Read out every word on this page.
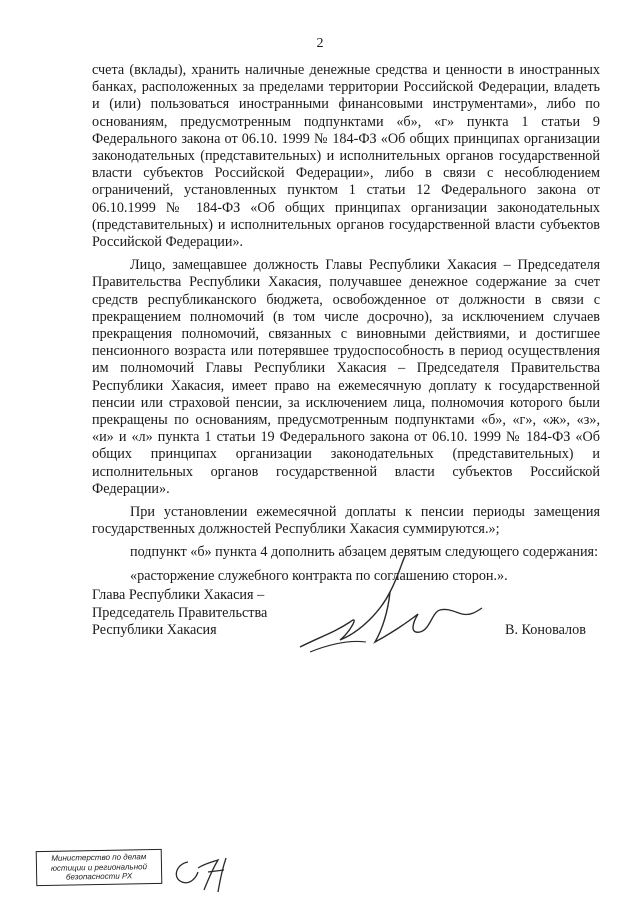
2

счета (вклады), хранить наличные денежные средства и ценности в иностранных банках, расположенных за пределами территории Российской Федерации, владеть и (или) пользоваться иностранными финансовыми инструментами», либо по основаниям, предусмотренным подпунктами «б», «г» пункта 1 статьи 9 Федерального закона от 06.10. 1999 № 184-ФЗ «Об общих принципах организации законодательных (представительных) и исполнительных органов государственной власти субъектов Российской Федерации», либо в связи с несоблюдением ограничений, установленных пунктом 1 статьи 12 Федерального закона от 06.10.1999 № 184-ФЗ «Об общих принципах организации законодательных (представительных) и исполнительных органов государственной власти субъектов Российской Федерации».

Лицо, замещавшее должность Главы Республики Хакасия – Председателя Правительства Республики Хакасия, получавшее денежное содержание за счет средств республиканского бюджета, освобожденное от должности в связи с прекращением полномочий (в том числе досрочно), за исключением случаев прекращения полномочий, связанных с виновными действиями, и достигшее пенсионного возраста или потерявшее трудоспособность в период осуществления им полномочий Главы Республики Хакасия – Председателя Правительства Республики Хакасия, имеет право на ежемесячную доплату к государственной пенсии или страховой пенсии, за исключением лица, полномочия которого были прекращены по основаниям, предусмотренным подпунктами «б», «г», «ж», «з», «и» и «л» пункта 1 статьи 19 Федерального закона от 06.10. 1999 № 184-ФЗ «Об общих принципах организации законодательных (представительных) и исполнительных органов государственной власти субъектов Российской Федерации».

При установлении ежемесячной доплаты к пенсии периоды замещения государственных должностей Республики Хакасия суммируются.»;

подпункт «б» пункта 4 дополнить абзацем девятым следующего содержания:

«расторжение служебного контракта по соглашению сторон.».

Глава Республики Хакасия –
Председатель Правительства
Республики Хакасия	В. Коновалов
Министерство по делам
юстиции и региональной
безопасности РХ
